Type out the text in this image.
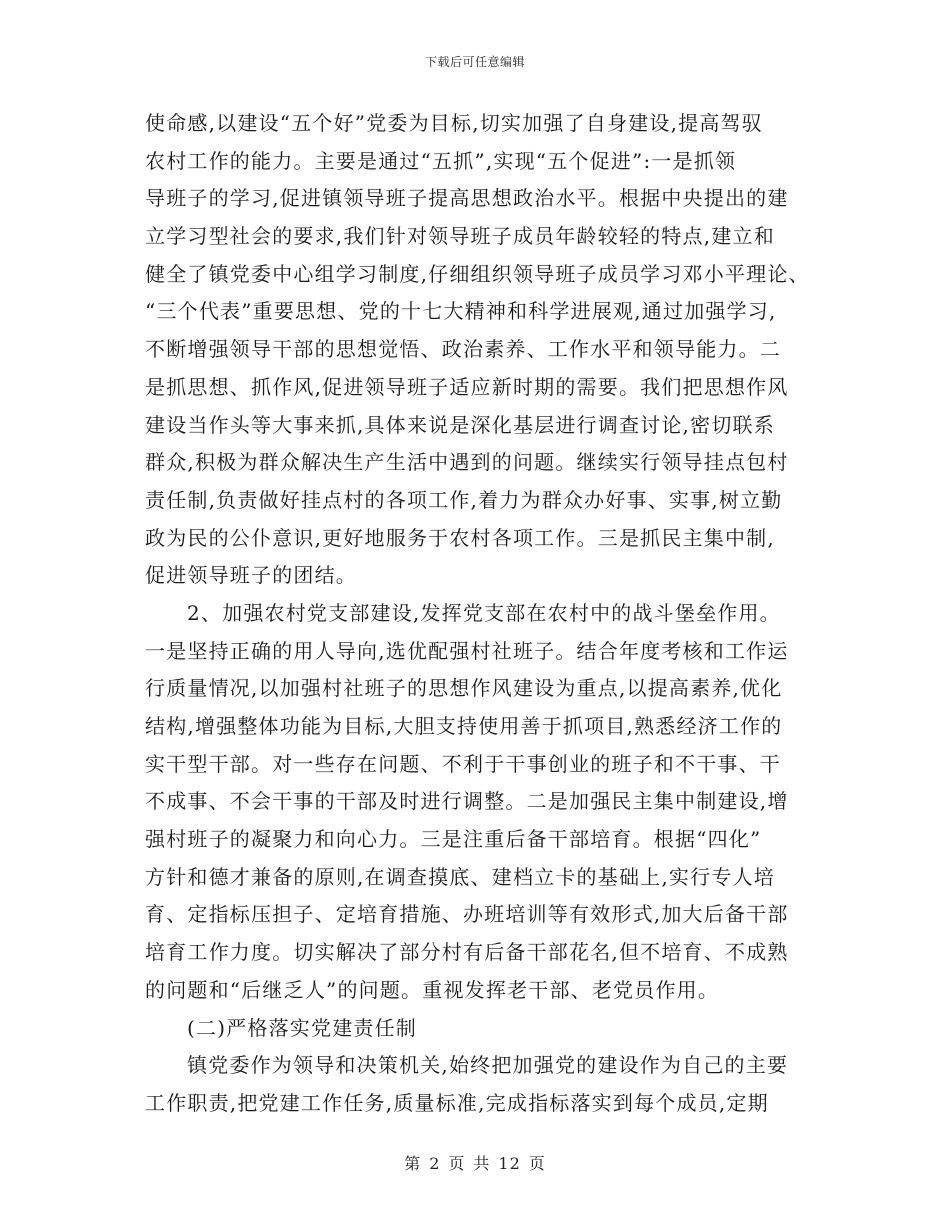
下载后可任意编辑
使命感,以建设“五个好”党委为目标,切实加强了自身建设,提高驾驭
农村工作的能力。主要是通过“五抓”,实现“五个促进”:一是抓领
导班子的学习,促进镇领导班子提高思想政治水平。根据中央提出的建
立学习型社会的要求,我们针对领导班子成员年龄较轻的特点,建立和
健全了镇党委中心组学习制度,仔细组织领导班子成员学习邓小平理论、
“三个代表”重要思想、党的十七大精神和科学进展观,通过加强学习,
不断增强领导干部的思想觉悟、政治素养、工作水平和领导能力。二
是抓思想、抓作风,促进领导班子适应新时期的需要。我们把思想作风
建设当作头等大事来抓,具体来说是深化基层进行调查讨论,密切联系
群众,积极为群众解决生产生活中遇到的问题。继续实行领导挂点包村
责任制,负责做好挂点村的各项工作,着力为群众办好事、实事,树立勤
政为民的公仆意识,更好地服务于农村各项工作。三是抓民主集中制,
促进领导班子的团结。
2、加强农村党支部建设,发挥党支部在农村中的战斗堡垒作用。
一是坚持正确的用人导向,选优配强村社班子。结合年度考核和工作运
行质量情况,以加强村社班子的思想作风建设为重点,以提高素养,优化
结构,增强整体功能为目标,大胆支持使用善于抓项目,熟悉经济工作的
实干型干部。对一些存在问题、不利于干事创业的班子和不干事、干
不成事、不会干事的干部及时进行调整。二是加强民主集中制建设,增
强村班子的凝聚力和向心力。三是注重后备干部培育。根据“四化”
方针和德才兼备的原则,在调查摸底、建档立卡的基础上,实行专人培
育、定指标压担子、定培育措施、办班培训等有效形式,加大后备干部
培育工作力度。切实解决了部分村有后备干部花名,但不培育、不成熟
的问题和“后继乏人”的问题。重视发挥老干部、老党员作用。
(二)严格落实党建责任制
镇党委作为领导和决策机关,始终把加强党的建设作为自己的主要
工作职责,把党建工作任务,质量标准,完成指标落实到每个成员,定期
第 2 页 共 12 页
